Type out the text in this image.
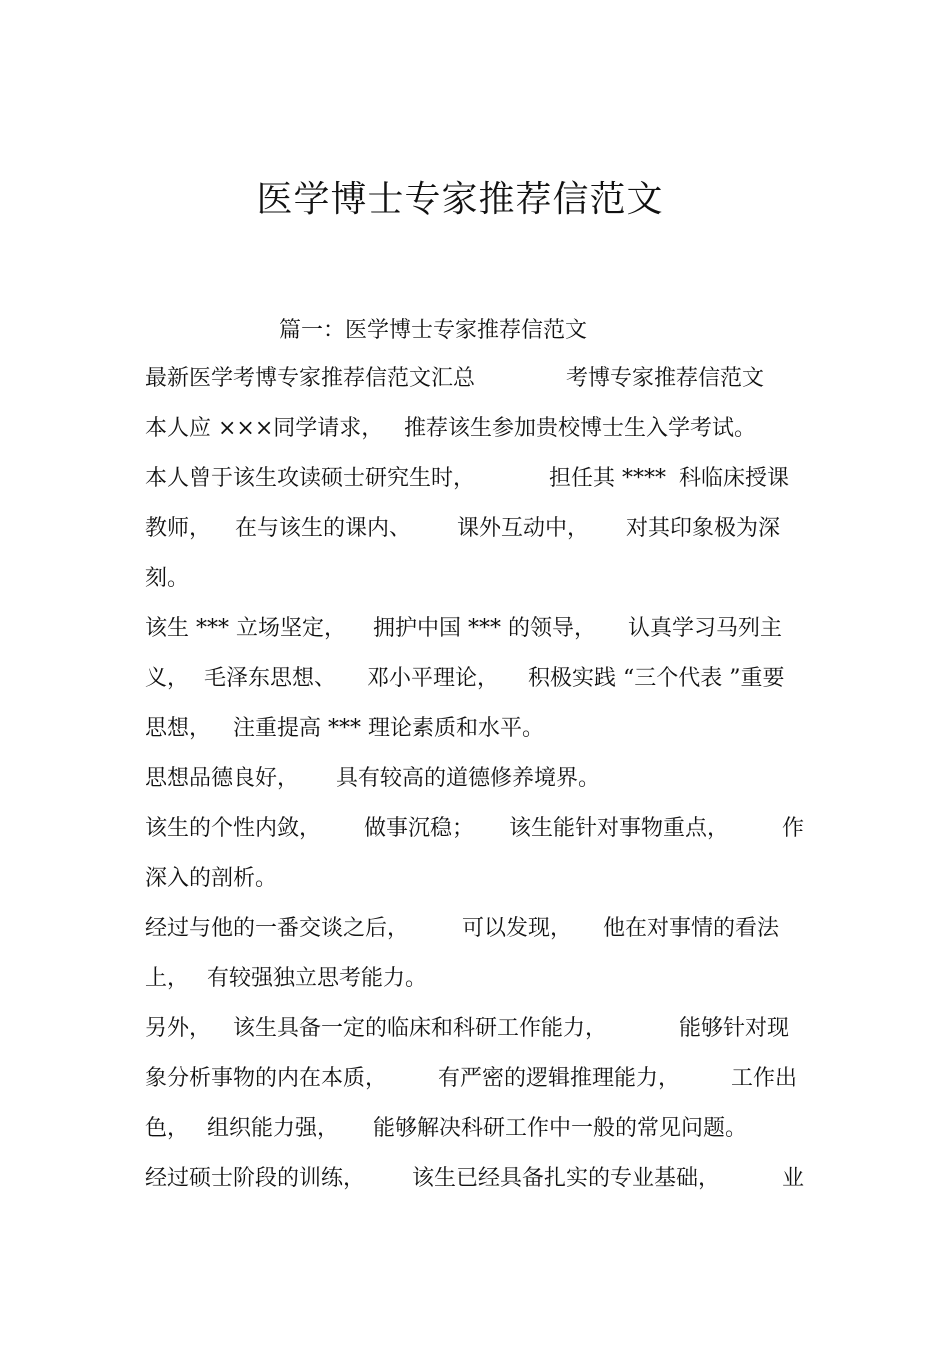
医学博士专家推荐信范文
篇一：医学博士专家推荐信范文
最新医学考博专家推荐信范文汇总	考博专家推荐信范文
本人应 ×××同学请求， 推荐该生参加贵校博士生入学考试。
本人曾于该生攻读硕士研究生时，	担任其 **** 科临床授课
教师， 在与该生的课内、 课外互动中， 对其印象极为深
刻。
该生 *** 立场坚定， 拥护中国 *** 的领导， 认真学习马列主
义， 毛泽东思想、 邓小平理论， 积极实践 “三个代表 ”重要
思想， 注重提高 *** 理论素质和水平。
思想品德良好， 具有较高的道德修养境界。
该生的个性内敛， 做事沉稳； 该生能针对事物重点， 作
深入的剖析。
经过与他的一番交谈之后， 可以发现， 他在对事情的看法
上， 有较强独立思考能力。
另外， 该生具备一定的临床和科研工作能力，	能够针对现
象分析事物的内在本质， 有严密的逻辑推理能力， 工作出
色， 组织能力强， 能够解决科研工作中一般的常见问题。
经过硕士阶段的训练， 该生已经具备扎实的专业基础，	业
